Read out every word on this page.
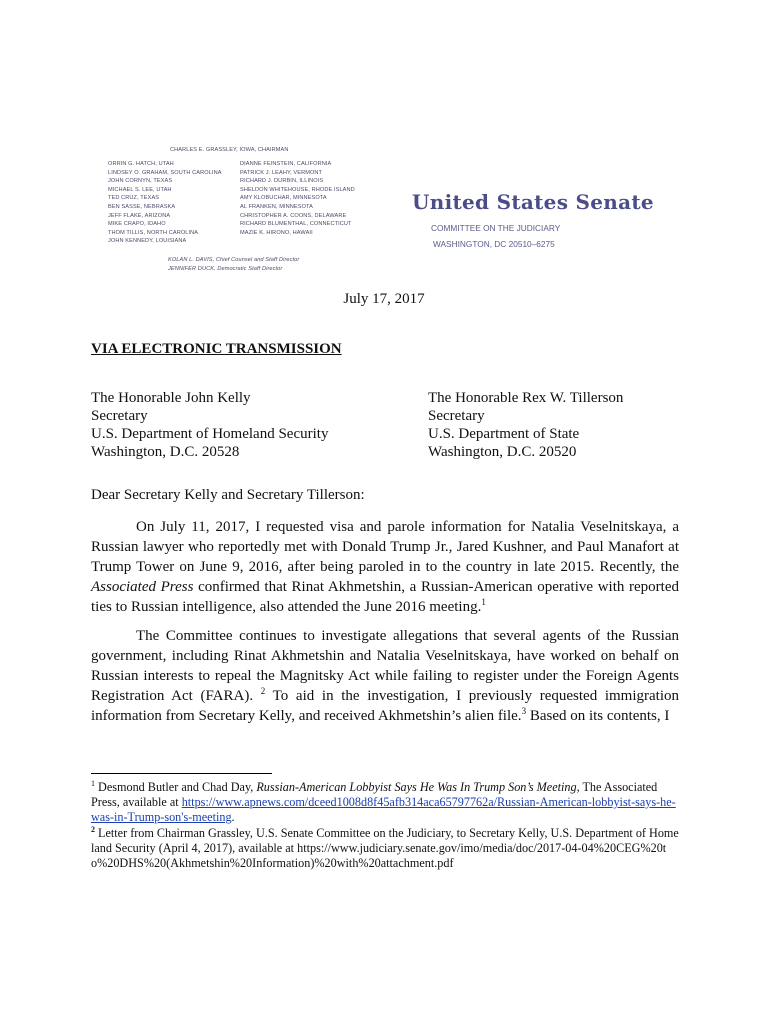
CHARLES E. GRASSLEY, IOWA, CHAIRMAN
ORRIN G. HATCH, UTAH
LINDSEY O. GRAHAM, SOUTH CAROLINA
JOHN CORNYN, TEXAS
MICHAEL S. LEE, UTAH
TED CRUZ, TEXAS
BEN SASSE, NEBRASKA
JEFF FLAKE, ARIZONA
MIKE CRAPO, IDAHO
THOM TILLIS, NORTH CAROLINA
JOHN KENNEDY, LOUISIANA
DIANNE FEINSTEIN, CALIFORNIA
PATRICK J. LEAHY, VERMONT
RICHARD J. DURBIN, ILLINOIS
SHELDON WHITEHOUSE, RHODE ISLAND
AMY KLOBUCHAR, MINNESOTA
AL FRANKEN, MINNESOTA
CHRISTOPHER A. COONS, DELAWARE
RICHARD BLUMENTHAL, CONNECTICUT
MAZIE K. HIRONO, HAWAII
KOLAN L. DAVIS, Chief Counsel and Staff Director
JENNIFER DUCK, Democratic Staff Director
United States Senate
COMMITTEE ON THE JUDICIARY
WASHINGTON, DC 20510–6275
July 17, 2017
VIA ELECTRONIC TRANSMISSION
The Honorable John Kelly
Secretary
U.S. Department of Homeland Security
Washington, D.C. 20528
The Honorable Rex W. Tillerson
Secretary
U.S. Department of State
Washington, D.C. 20520
Dear Secretary Kelly and Secretary Tillerson:
On July 11, 2017, I requested visa and parole information for Natalia Veselnitskaya, a Russian lawyer who reportedly met with Donald Trump Jr., Jared Kushner, and Paul Manafort at Trump Tower on June 9, 2016, after being paroled in to the country in late 2015. Recently, the Associated Press confirmed that Rinat Akhmetshin, a Russian-American operative with reported ties to Russian intelligence, also attended the June 2016 meeting.$^1$
The Committee continues to investigate allegations that several agents of the Russian government, including Rinat Akhmetshin and Natalia Veselnitskaya, have worked on behalf on Russian interests to repeal the Magnitsky Act while failing to register under the Foreign Agents Registration Act (FARA). $^2$ To aid in the investigation, I previously requested immigration information from Secretary Kelly, and received Akhmetshin’s alien file.$^3$ Based on its contents, I
$^1$ Desmond Butler and Chad Day, Russian-American Lobbyist Says He Was In Trump Son’s Meeting, The Associated Press, available at https://www.apnews.com/dceed1008d8f45afb314aca65797762a/Russian-American-lobbyist-says-he-was-in-Trump-son's-meeting.
$^2$ Letter from Chairman Grassley, U.S. Senate Committee on the Judiciary, to Secretary Kelly, U.S. Department of Homeland Security (April 4, 2017), available at https://www.judiciary.senate.gov/imo/media/doc/2017-04-04%20CEG%20to%20DHS%20(Akhmetshin%20Information)%20with%20attachment.pdf
